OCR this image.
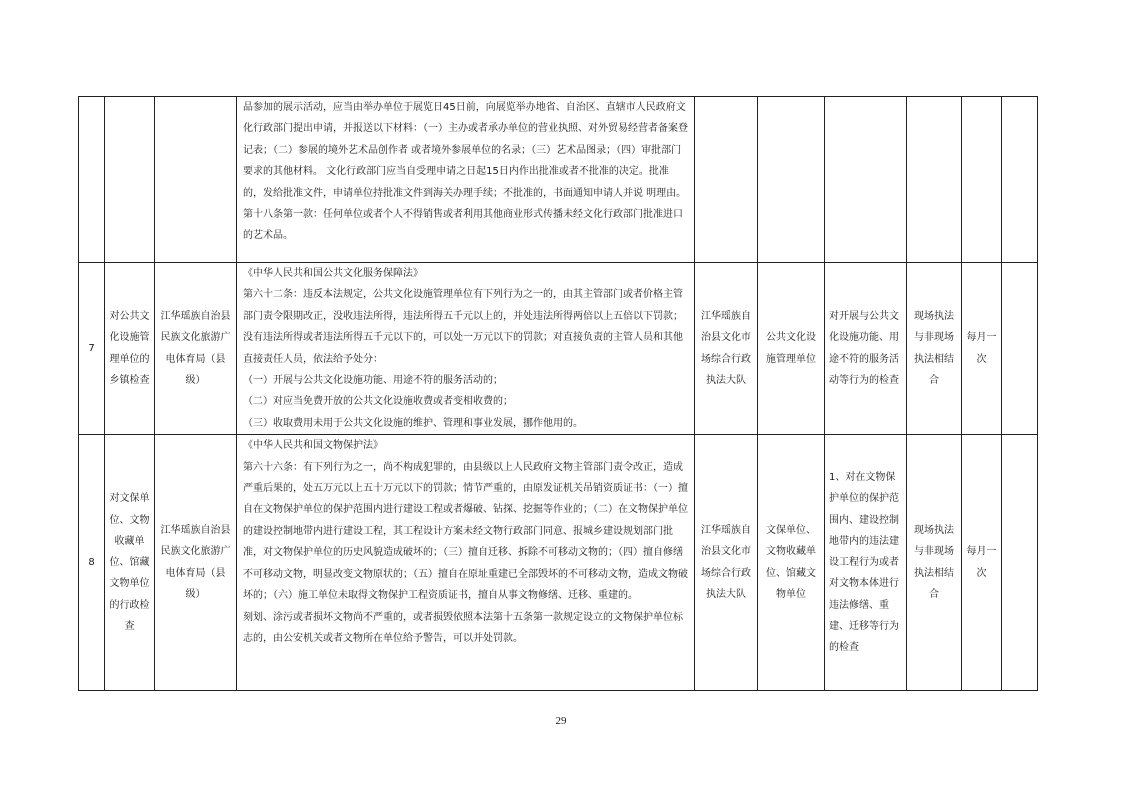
			品参加的展示活动，应当由举办单位于展览日45日前，向展览举办地省、自治区、直辖市人民政府文化行政部门提出申请，并报送以下材料：（一）主办或者承办单位的营业执照、对外贸易经营者备案登记表；（二）参展的境外艺术品创作者 或者境外参展单位的名录；（三）艺术品图录；（四）审批部门要求的其他材料。 文化行政部门应当自受理申请之日起15日内作出批准或者不批准的决定。批准的，发给批准文件，申请单位持批准文件到海关办理手续；不批准的，书面通知申请人并说 明理由。

第十八条第一款：任何单位或者个人不得销售或者利用其他商业形式传播未经文化行政部门批准进口的艺术品。						

7	对公共文化设施管理单位的乡镇检查	江华瑶族自治县民族文化旅游广电体育局（县级）	《中华人民共和国公共文化服务保障法》

第六十二条：违反本法规定，公共文化设施管理单位有下列行为之一的，由其主管部门或者价格主管部门责令限期改正，没收违法所得，违法所得五千元以上的，并处违法所得两倍以上五倍以下罚款；没有违法所得或者违法所得五千元以下的，可以处一万元以下的罚款；对直接负责的主管人员和其他直接责任人员，依法给予处分：

（一）开展与公共文化设施功能、用途不符的服务活动的；

（二）对应当免费开放的公共文化设施收费或者变相收费的；

（三）收取费用未用于公共文化设施的维护、管理和事业发展，挪作他用的。	江华瑶族自治县文化市场综合行政执法大队	公共文化设施管理单位	对开展与公共文化设施功能、用途不符的服务活动等行为的检查	现场执法与非现场执法相结合	每月一次	
8	对文保单位、文物收藏单位、馆藏文物单位的行政检查	江华瑶族自治县民族文化旅游广电体育局（县级）	《中华人民共和国文物保护法》

第六十六条：有下列行为之一，尚不构成犯罪的，由县级以上人民政府文物主管部门责令改正，造成严重后果的，处五万元以上五十万元以下的罚款；情节严重的，由原发证机关吊销资质证书：（一）擅自在文物保护单位的保护范围内进行建设工程或者爆破、钻探、挖掘等作业的；（二）在文物保护单位的建设控制地带内进行建设工程，其工程设计方案未经文物行政部门同意、报城乡建设规划部门批准，对文物保护单位的历史风貌造成破坏的；（三）擅自迁移、拆除不可移动文物的；（四）擅自修缮不可移动文物，明显改变文物原状的；（五）擅自在原址重建已全部毁坏的不可移动文物，造成文物破坏的；（六）施工单位未取得文物保护工程资质证书，擅自从事文物修缮、迁移、重建的。

刻划、涂污或者损坏文物尚不严重的，或者损毁依照本法第十五条第一款规定设立的文物保护单位标志的，由公安机关或者文物所在单位给予警告，可以并处罚款。	江华瑶族自治县文化市场综合行政执法大队	文保单位、文物收藏单位、馆藏文物单位	1、对在文物保护单位的保护范围内、建设控制地带内的违法建设工程行为或者对文物本体进行违法修缮、重建、迁移等行为的检查	现场执法与非现场执法相结合	每月一次	
29
